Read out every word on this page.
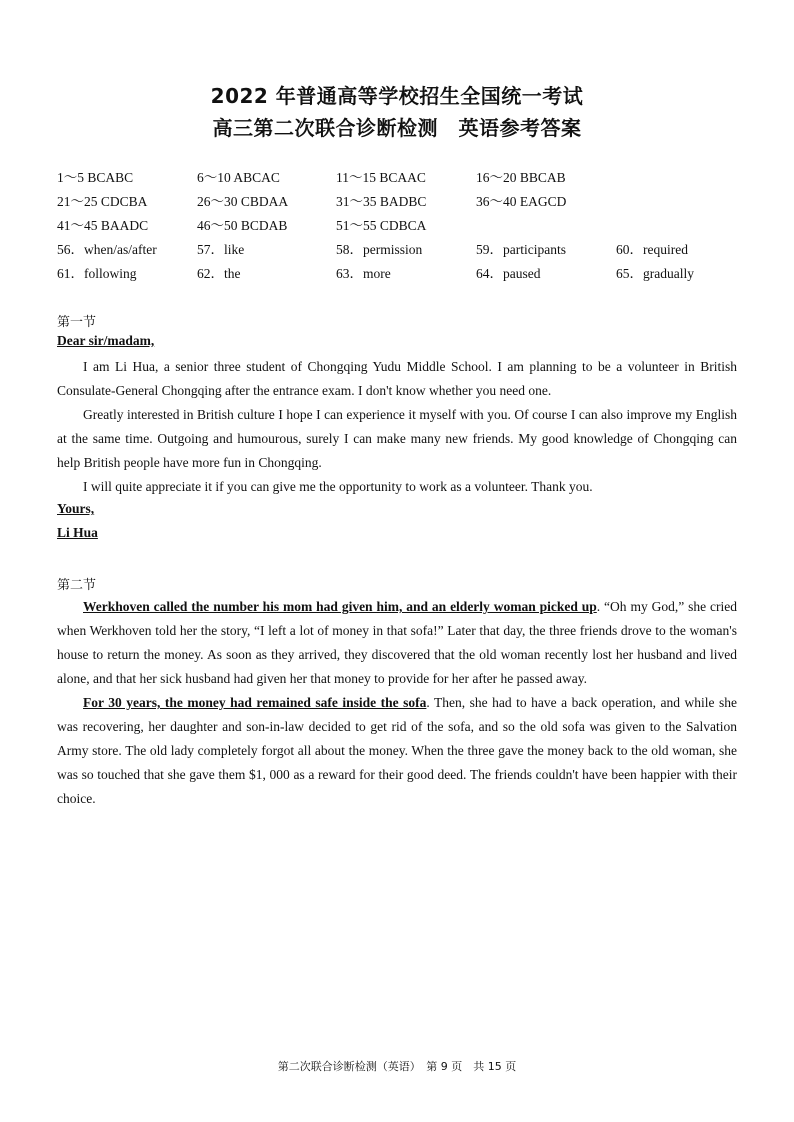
2022 年普通高等学校招生全国统一考试
高三第二次联合诊断检测　英语参考答案
1～5 BCABC	6～10 ABCAC	11～15 BCAAC	16～20 BBCAB
21～25 CDCBA	26～30 CBDAA	31～35 BADBC	36～40 EAGCD
41～45 BAADC	46～50 BCDAB	51～55 CDBCA
56．when/as/after	57．like	58．permission	59．participants	60．required
61．following	62．the	63．more	64．paused	65．gradually
第一节
Dear sir/madam,

I am Li Hua, a senior three student of Chongqing Yudu Middle School. I am planning to be a volunteer in British Consulate-General Chongqing after the entrance exam. I don't know whether you need one.

Greatly interested in British culture I hope I can experience it myself with you. Of course I can also improve my English at the same time. Outgoing and humourous, surely I can make many new friends. My good knowledge of Chongqing can help British people have more fun in Chongqing.

I will quite appreciate it if you can give me the opportunity to work as a volunteer. Thank you.

Yours,
Li Hua
第二节

Werkhoven called the number his mom had given him, and an elderly woman picked up. “Oh my God,” she cried when Werkhoven told her the story, “I left a lot of money in that sofa!” Later that day, the three friends drove to the woman's house to return the money. As soon as they arrived, they discovered that the old woman recently lost her husband and lived alone, and that her sick husband had given her that money to provide for her after he passed away.

For 30 years, the money had remained safe inside the sofa. Then, she had to have a back operation, and while she was recovering, her daughter and son-in-law decided to get rid of the sofa, and so the old sofa was given to the Salvation Army store. The old lady completely forgot all about the money. When the three gave the money back to the old woman, she was so touched that she gave them $1, 000 as a reward for their good deed. The friends couldn't have been happier with their choice.

第二次联合诊断检测（英语）　第 9 页　共 15 页
